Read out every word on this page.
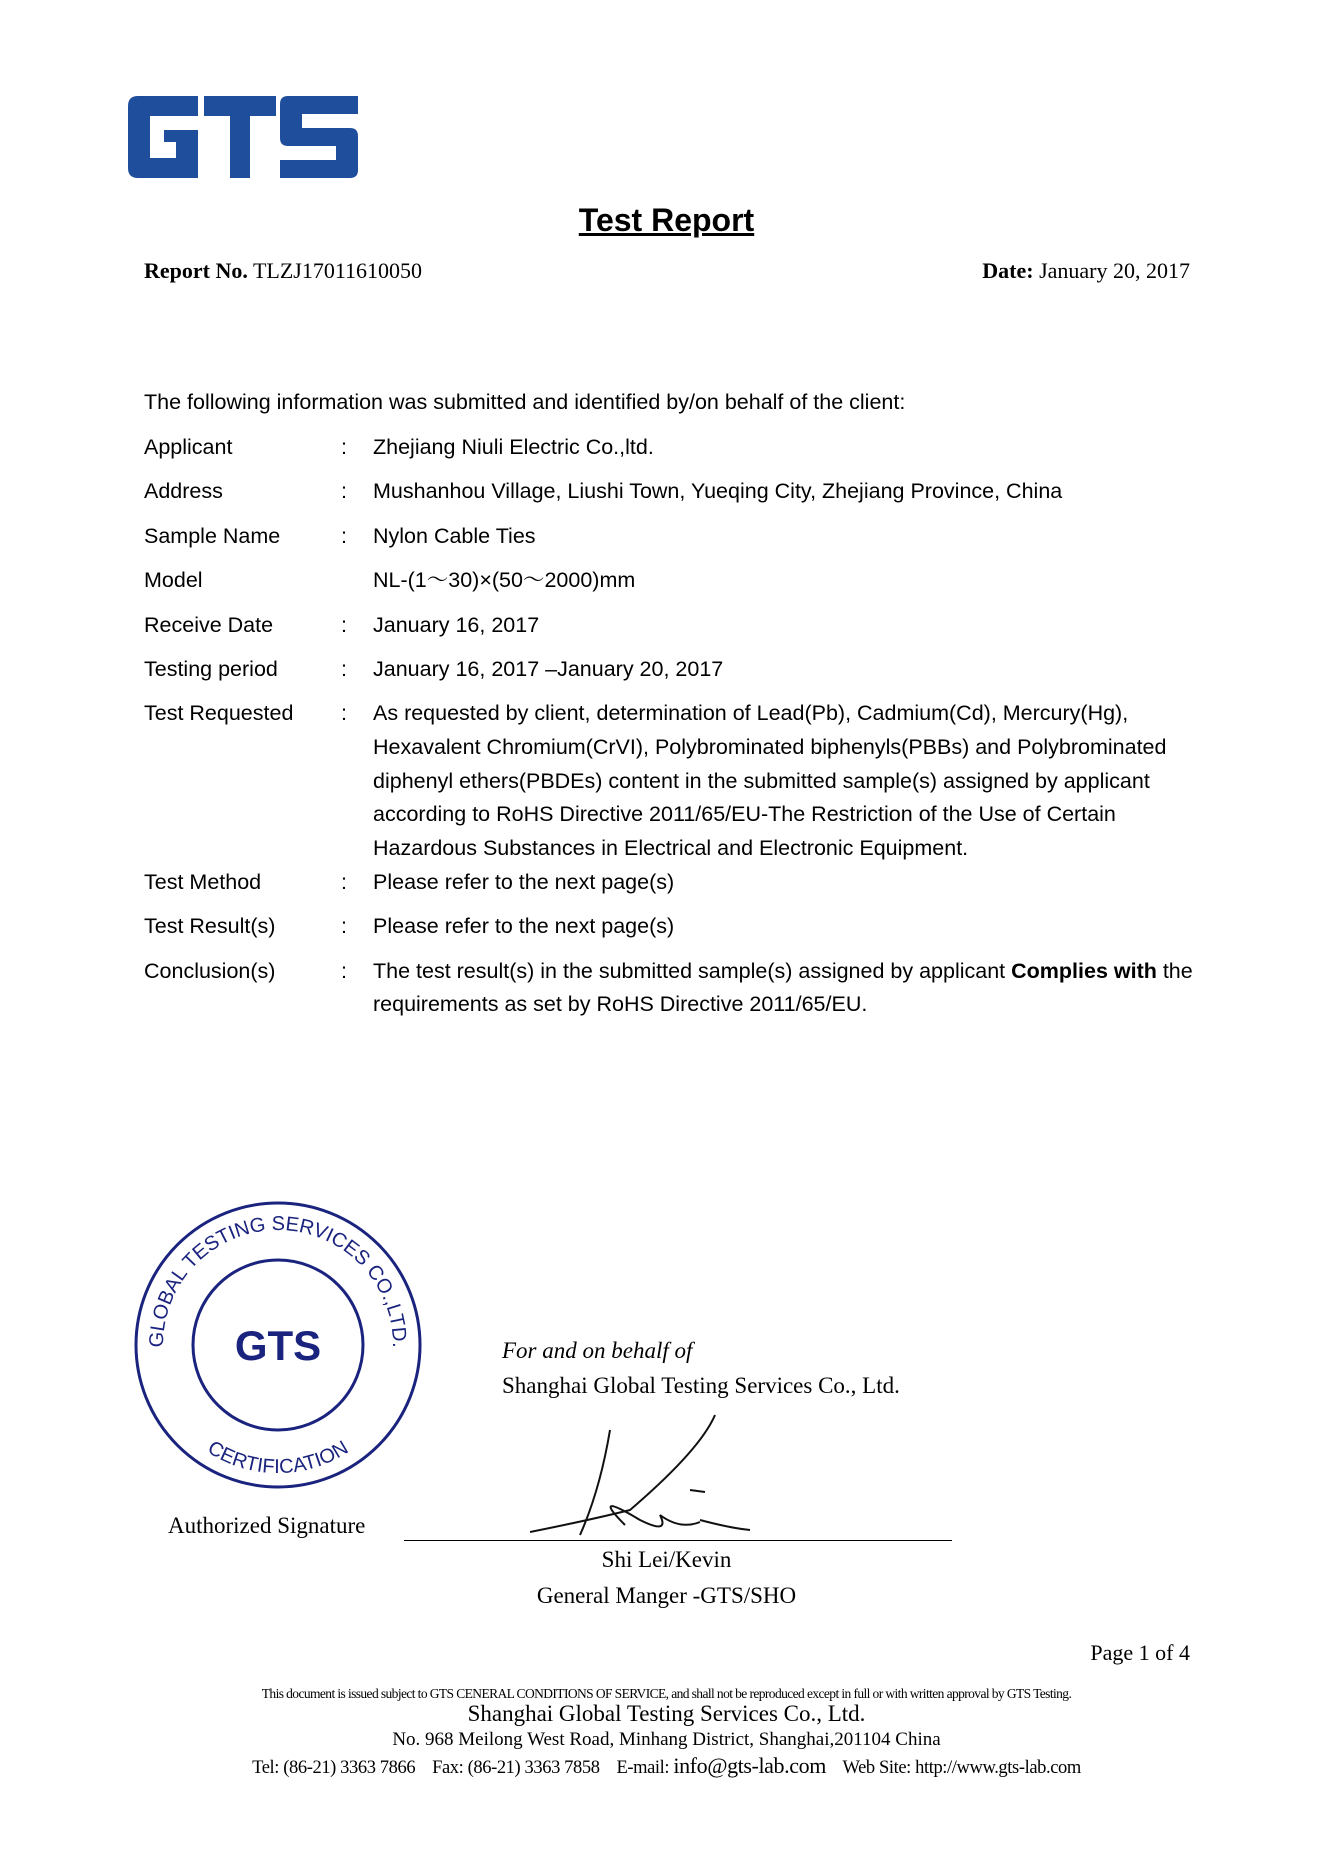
Test Report
Report No. TLZJ17011610050	Date: January 20, 2017
The following information was submitted and identified by/on behalf of the client:
Applicant	:	Zhejiang Niuli Electric Co.,ltd.
Address	:	Mushanhou Village, Liushi Town, Yueqing City, Zhejiang Province, China
Sample Name	:	Nylon Cable Ties
Model	NL-(1～30)×(50～2000)mm
Receive Date	:	January 16, 2017
Testing period	:	January 16, 2017 –January 20, 2017
Test Requested	:	As requested by client, determination of Lead(Pb), Cadmium(Cd), Mercury(Hg), Hexavalent Chromium(CrVI), Polybrominated biphenyls(PBBs) and Polybrominated diphenyl ethers(PBDEs) content in the submitted sample(s) assigned by applicant according to RoHS Directive 2011/65/EU-The Restriction of the Use of Certain Hazardous Substances in Electrical and Electronic Equipment.
Test Method	:	Please refer to the next page(s)
Test Result(s)	:	Please refer to the next page(s)
Conclusion(s)	:	The test result(s) in the submitted sample(s) assigned by applicant Complies with the requirements as set by RoHS Directive 2011/65/EU.
GLOBAL TESTING SERVICES CO.,LTD.
CERTIFICATION
GTS	For and on behalf of
Shanghai Global Testing Services Co., Ltd.
Authorized Signature
Shi Lei/Kevin
General Manger -GTS/SHO
Page 1 of 4
This document is issued subject to GTS CENERAL CONDITIONS OF SERVICE, and shall not be reproduced except in full or with written approval by GTS Testing.
Shanghai Global Testing Services Co., Ltd.
No. 968 Meilong West Road, Minhang District, Shanghai,201104 China
Tel: (86-21) 3363 7866 Fax: (86-21) 3363 7858 E-mail: info@gts-lab.com Web Site: http://www.gts-lab.com
